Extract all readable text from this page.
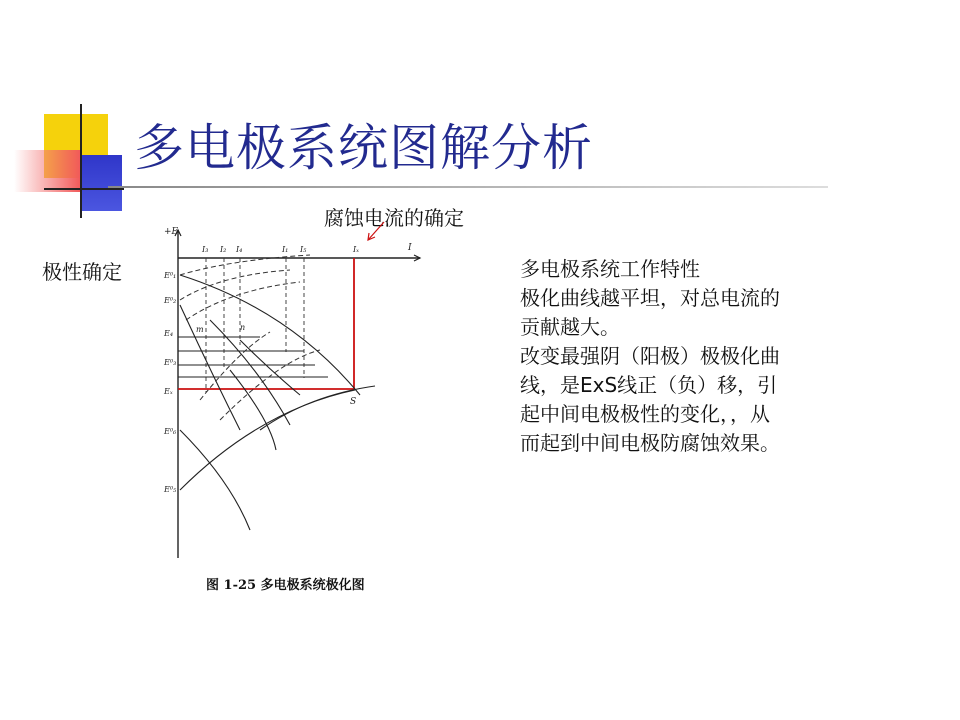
多电极系统图解分析
极性确定
腐蚀电流的确定
多电极系统工作特性
极化曲线越平坦，对总电流的
贡献越大。
改变最强阴（阳极）极极化曲
线，是ExS线正（负）移，引
起中间电极极性的变化，，从
而起到中间电极防腐蚀效果。
+E
I
I₃ I₂ I₄	I₁ I₅	Iₓ
E⁰₁
E⁰₂
E₄
E⁰₃
Eₓ
E⁰₆
E⁰₅
m	n
S
图 1-25 多电极系统极化图
